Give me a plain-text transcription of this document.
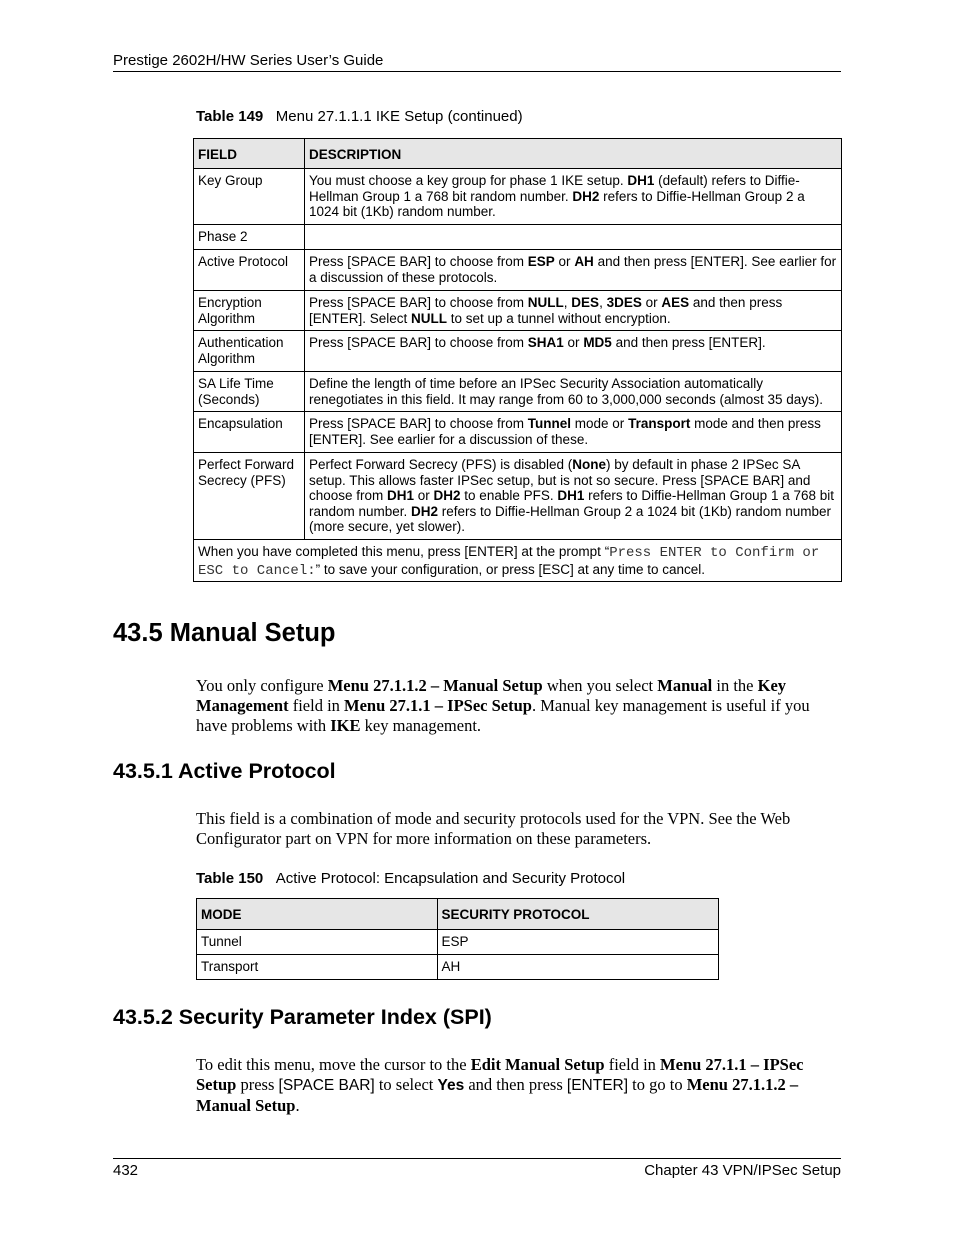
Prestige 2602H/HW Series User’s Guide
Table 149 Menu 27.1.1.1 IKE Setup (continued)
FIELD	DESCRIPTION
Key Group	You must choose a key group for phase 1 IKE setup. DH1 (default) refers to Diffie-Hellman Group 1 a 768 bit random number. DH2 refers to Diffie-Hellman Group 2 a 1024 bit (1Kb) random number.
Phase 2	
Active Protocol	Press [SPACE BAR] to choose from ESP or AH and then press [ENTER]. See earlier for a discussion of these protocols.
Encryption Algorithm	Press [SPACE BAR] to choose from NULL, DES, 3DES or AES and then press [ENTER]. Select NULL to set up a tunnel without encryption.
Authentication Algorithm	Press [SPACE BAR] to choose from SHA1 or MD5 and then press [ENTER].
SA Life Time (Seconds)	Define the length of time before an IPSec Security Association automatically renegotiates in this field. It may range from 60 to 3,000,000 seconds (almost 35 days).
Encapsulation	Press [SPACE BAR] to choose from Tunnel mode or Transport mode and then press [ENTER]. See earlier for a discussion of these.
Perfect Forward Secrecy (PFS)	Perfect Forward Secrecy (PFS) is disabled (None) by default in phase 2 IPSec SA setup. This allows faster IPSec setup, but is not so secure. Press [SPACE BAR] and choose from DH1 or DH2 to enable PFS. DH1 refers to Diffie-Hellman Group 1 a 768 bit random number. DH2 refers to Diffie-Hellman Group 2 a 1024 bit (1Kb) random number (more secure, yet slower).
When you have completed this menu, press [ENTER] at the prompt “Press ENTER to Confirm or ESC to Cancel:” to save your configuration, or press [ESC] at any time to cancel.	
43.5 Manual Setup

You only configure Menu 27.1.1.2 – Manual Setup when you select Manual in the Key Management field in Menu 27.1.1 – IPSec Setup. Manual key management is useful if you have problems with IKE key management.

43.5.1 Active Protocol

This field is a combination of mode and security protocols used for the VPN. See the Web Configurator part on VPN for more information on these parameters.

Table 150 Active Protocol: Encapsulation and Security Protocol
MODE	SECURITY PROTOCOL
Tunnel	ESP
Transport	AH
43.5.2 Security Parameter Index (SPI)

To edit this menu, move the cursor to the Edit Manual Setup field in Menu 27.1.1 – IPSec Setup press [SPACE BAR] to select Yes and then press [ENTER] to go to Menu 27.1.1.2 – Manual Setup.

432	Chapter 43 VPN/IPSec Setup
